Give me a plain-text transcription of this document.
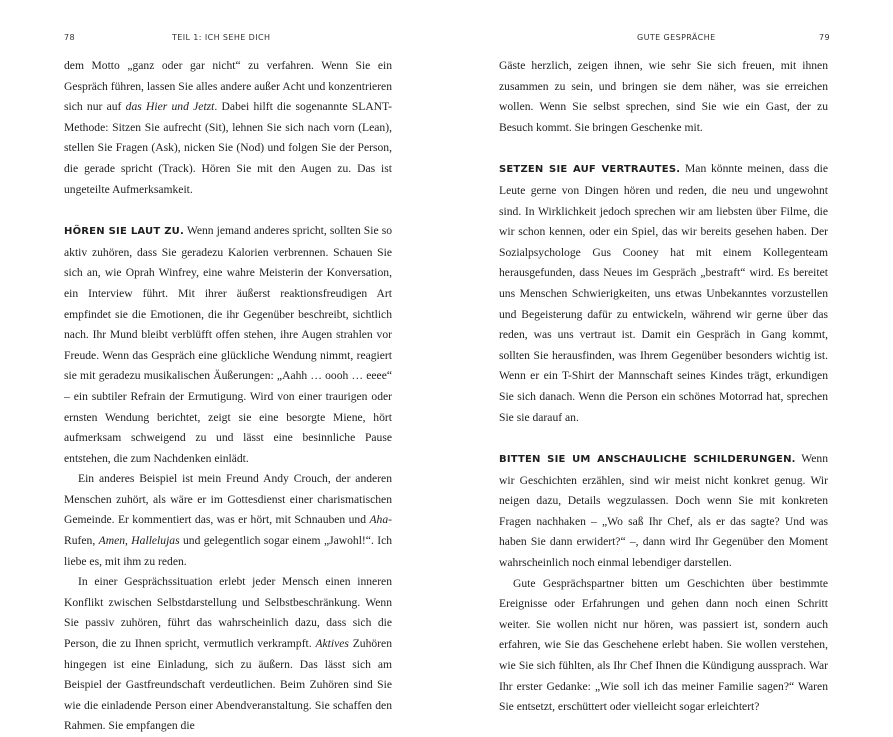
78	TEIL 1: ICH SEHE DICH

dem Motto „ganz oder gar nicht“ zu verfahren. Wenn Sie ein Gespräch führen, lassen Sie alles andere außer Acht und konzentrieren sich nur auf das Hier und Jetzt. Dabei hilft die sogenannte SLANT-Methode: Sitzen Sie aufrecht (Sit), lehnen Sie sich nach vorn (Lean), stellen Sie Fragen (Ask), nicken Sie (Nod) und folgen Sie der Person, die gerade spricht (Track). Hören Sie mit den Augen zu. Das ist ungeteilte Aufmerksamkeit.

HÖREN SIE LAUT ZU. Wenn jemand anderes spricht, sollten Sie so aktiv zuhören, dass Sie geradezu Kalorien verbrennen. Schauen Sie sich an, wie Oprah Winfrey, eine wahre Meisterin der Konversation, ein Interview führt. Mit ihrer äußerst reaktionsfreudigen Art empfindet sie die Emotionen, die ihr Gegenüber beschreibt, sichtlich nach. Ihr Mund bleibt verblüfft offen stehen, ihre Augen strahlen vor Freude. Wenn das Gespräch eine glückliche Wendung nimmt, reagiert sie mit geradezu musikalischen Äußerungen: „Aahh … oooh … eeee“ – ein subtiler Refrain der Ermutigung. Wird von einer traurigen oder ernsten Wendung berichtet, zeigt sie eine besorgte Miene, hört aufmerksam schweigend zu und lässt eine besinnliche Pause entstehen, die zum Nachdenken einlädt.

Ein anderes Beispiel ist mein Freund Andy Crouch, der anderen Menschen zuhört, als wäre er im Gottesdienst einer charismatischen Gemeinde. Er kommentiert das, was er hört, mit Schnauben und Aha-Rufen, Amen, Hallelujas und gelegentlich sogar einem „Jawohl!“. Ich liebe es, mit ihm zu reden.

In einer Gesprächssituation erlebt jeder Mensch einen inneren Konflikt zwischen Selbstdarstellung und Selbstbeschränkung. Wenn Sie passiv zuhören, führt das wahrscheinlich dazu, dass sich die Person, die zu Ihnen spricht, vermutlich verkrampft. Aktives Zuhören hingegen ist eine Einladung, sich zu äußern. Das lässt sich am Beispiel der Gastfreundschaft verdeutlichen. Beim Zuhören sind Sie wie die einladende Person einer Abendveranstaltung. Sie schaffen den Rahmen. Sie empfangen die

GUTE GESPRÄCHE	79

Gäste herzlich, zeigen ihnen, wie sehr Sie sich freuen, mit ihnen zusammen zu sein, und bringen sie dem näher, was sie erreichen wollen. Wenn Sie selbst sprechen, sind Sie wie ein Gast, der zu Besuch kommt. Sie bringen Geschenke mit.

SETZEN SIE AUF VERTRAUTES. Man könnte meinen, dass die Leute gerne von Dingen hören und reden, die neu und ungewohnt sind. In Wirklichkeit jedoch sprechen wir am liebsten über Filme, die wir schon kennen, oder ein Spiel, das wir bereits gesehen haben. Der Sozialpsychologe Gus Cooney hat mit einem Kollegenteam herausgefunden, dass Neues im Gespräch „bestraft“ wird. Es bereitet uns Menschen Schwierigkeiten, uns etwas Unbekanntes vorzustellen und Begeisterung dafür zu entwickeln, während wir gerne über das reden, was uns vertraut ist. Damit ein Gespräch in Gang kommt, sollten Sie herausfinden, was Ihrem Gegenüber besonders wichtig ist. Wenn er ein T-Shirt der Mannschaft seines Kindes trägt, erkundigen Sie sich danach. Wenn die Person ein schönes Motorrad hat, sprechen Sie sie darauf an.

BITTEN SIE UM ANSCHAULICHE SCHILDERUNGEN. Wenn wir Geschichten erzählen, sind wir meist nicht konkret genug. Wir neigen dazu, Details wegzulassen. Doch wenn Sie mit konkreten Fragen nachhaken – „Wo saß Ihr Chef, als er das sagte? Und was haben Sie dann erwidert?“ –, dann wird Ihr Gegenüber den Moment wahrscheinlich noch einmal lebendiger darstellen.

Gute Gesprächspartner bitten um Geschichten über bestimmte Ereignisse oder Erfahrungen und gehen dann noch einen Schritt weiter. Sie wollen nicht nur hören, was passiert ist, sondern auch erfahren, wie Sie das Geschehene erlebt haben. Sie wollen verstehen, wie Sie sich fühlten, als Ihr Chef Ihnen die Kündigung aussprach. War Ihr erster Gedanke: „Wie soll ich das meiner Familie sagen?“ Waren Sie entsetzt, erschüttert oder vielleicht sogar erleichtert?
